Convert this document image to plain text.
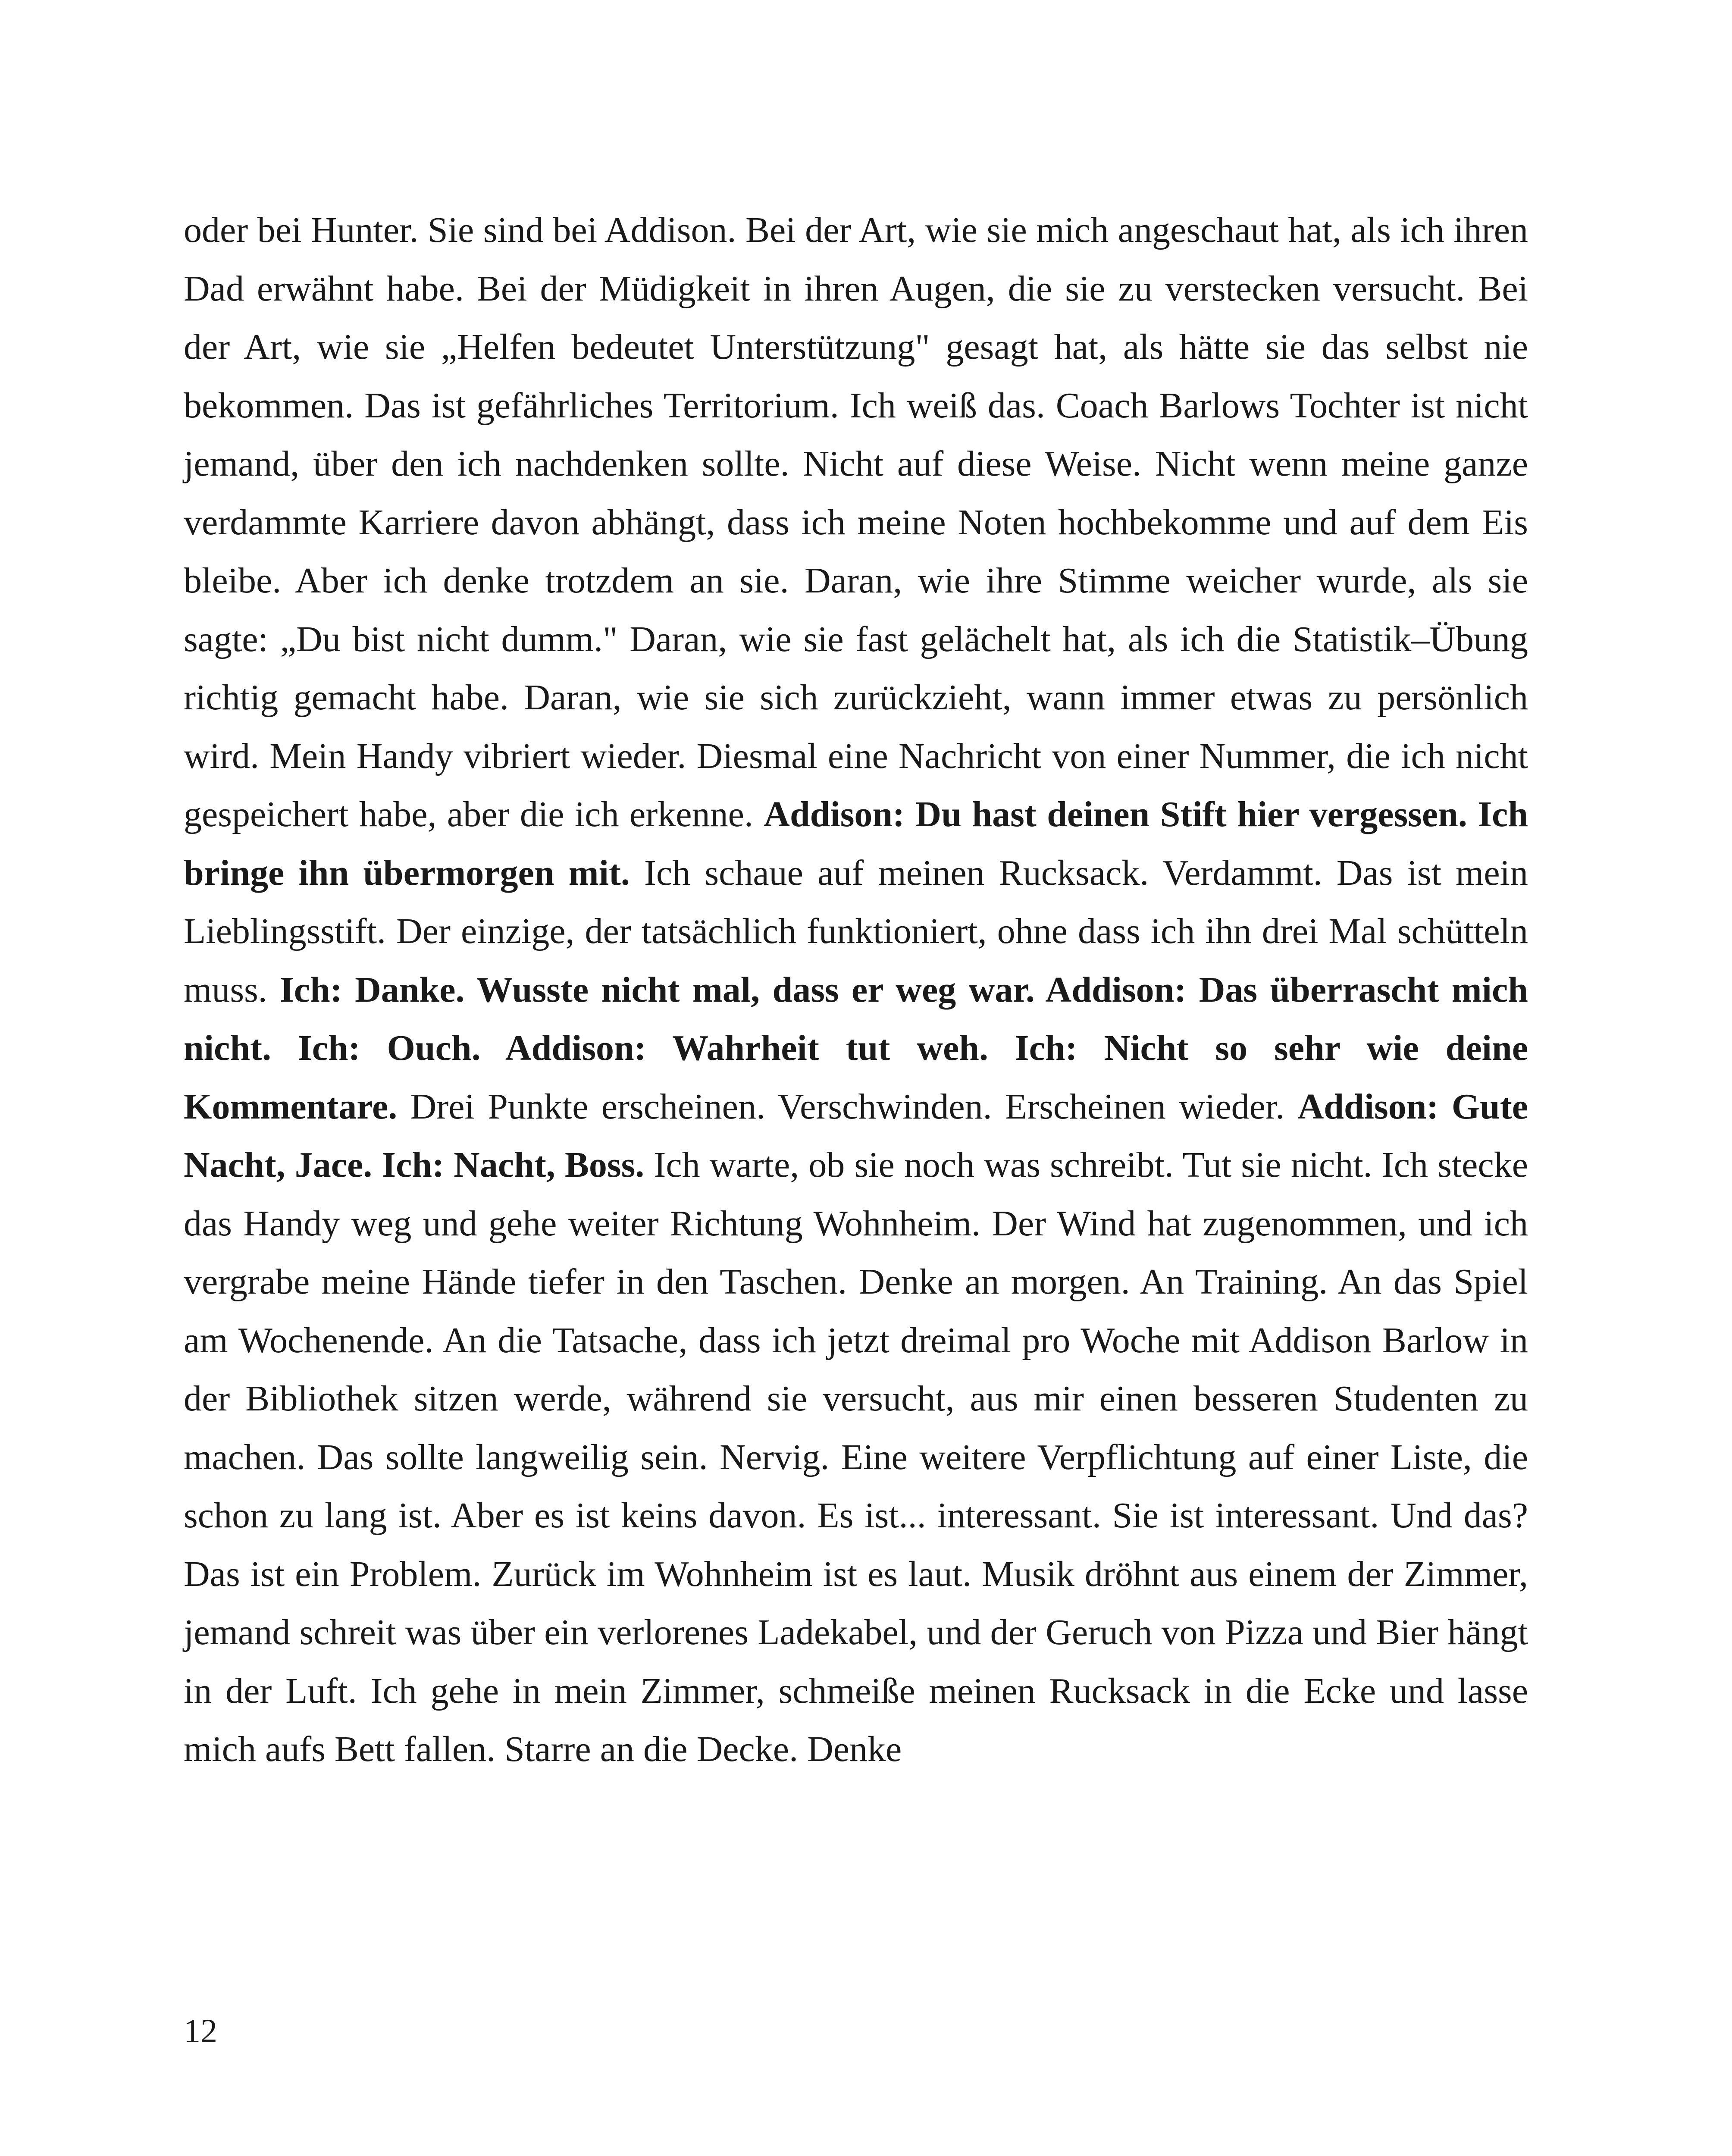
oder bei Hunter. Sie sind bei Addison. Bei der Art, wie sie mich angeschaut hat, als ich ihren Dad erwähnt habe. Bei der Müdigkeit in ihren Augen, die sie zu verstecken versucht. Bei der Art, wie sie „Helfen bedeutet Unterstützung" gesagt hat, als hätte sie das selbst nie bekommen. Das ist gefährliches Territorium. Ich weiß das. Coach Barlows Tochter ist nicht jemand, über den ich nachdenken sollte. Nicht auf diese Weise. Nicht wenn meine ganze verdammte Karriere davon abhängt, dass ich meine Noten hochbekomme und auf dem Eis bleibe. Aber ich denke trotzdem an sie. Daran, wie ihre Stimme weicher wurde, als sie sagte: „Du bist nicht dumm." Daran, wie sie fast gelächelt hat, als ich die Statistik–Übung richtig gemacht habe. Daran, wie sie sich zurückzieht, wann immer etwas zu persönlich wird. Mein Handy vibriert wieder. Diesmal eine Nachricht von einer Nummer, die ich nicht gespeichert habe, aber die ich erkenne. Addison: Du hast deinen Stift hier vergessen. Ich bringe ihn übermorgen mit. Ich schaue auf meinen Rucksack. Verdammt. Das ist mein Lieblingsstift. Der einzige, der tatsächlich funktioniert, ohne dass ich ihn drei Mal schütteln muss. Ich: Danke. Wusste nicht mal, dass er weg war. Addison: Das überrascht mich nicht. Ich: Ouch. Addison: Wahrheit tut weh. Ich: Nicht so sehr wie deine Kommentare. Drei Punkte erscheinen. Verschwinden. Erscheinen wieder. Addison: Gute Nacht, Jace. Ich: Nacht, Boss. Ich warte, ob sie noch was schreibt. Tut sie nicht. Ich stecke das Handy weg und gehe weiter Richtung Wohnheim. Der Wind hat zugenommen, und ich vergrabe meine Hände tiefer in den Taschen. Denke an morgen. An Training. An das Spiel am Wochenende. An die Tatsache, dass ich jetzt dreimal pro Woche mit Addison Barlow in der Bibliothek sitzen werde, während sie versucht, aus mir einen besseren Studenten zu machen. Das sollte langweilig sein. Nervig. Eine weitere Verpflichtung auf einer Liste, die schon zu lang ist. Aber es ist keins davon. Es ist... interessant. Sie ist interessant. Und das? Das ist ein Problem. Zurück im Wohnheim ist es laut. Musik dröhnt aus einem der Zimmer, jemand schreit was über ein verlorenes Ladekabel, und der Geruch von Pizza und Bier hängt in der Luft. Ich gehe in mein Zimmer, schmeiße meinen Rucksack in die Ecke und lasse mich aufs Bett fallen. Starre an die Decke. Denke

12
